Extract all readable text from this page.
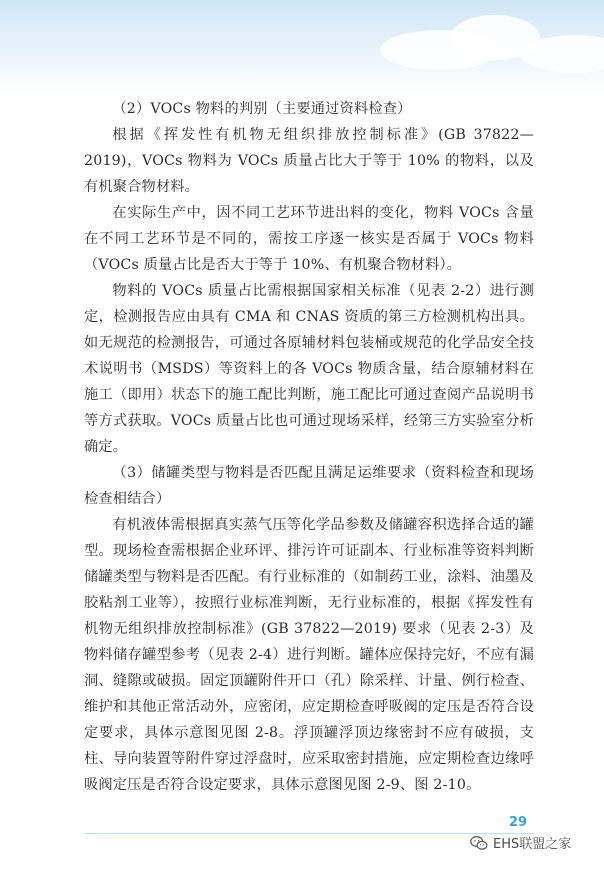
（2）VOCs 物料的判别（主要通过资料检查）

根据《挥发性有机物无组织排放控制标准》(GB 37822—2019)，VOCs 物料为 VOCs 质量占比大于等于 10% 的物料，以及有机聚合物材料。

在实际生产中，因不同工艺环节进出料的变化，物料 VOCs 含量在不同工艺环节是不同的，需按工序逐一核实是否属于 VOCs 物料（VOCs 质量占比是否大于等于 10%、有机聚合物材料）。

物料的 VOCs 质量占比需根据国家相关标准（见表 2-2）进行测定，检测报告应由具有 CMA 和 CNAS 资质的第三方检测机构出具。如无规范的检测报告，可通过各原辅材料包装桶或规范的化学品安全技术说明书（MSDS）等资料上的各 VOCs 物质含量，结合原辅材料在施工（即用）状态下的施工配比判断，施工配比可通过查阅产品说明书等方式获取。VOCs 质量占比也可通过现场采样，经第三方实验室分析确定。

（3）储罐类型与物料是否匹配且满足运维要求（资料检查和现场检查相结合）

有机液体需根据真实蒸气压等化学品参数及储罐容积选择合适的罐型。现场检查需根据企业环评、排污许可证副本、行业标准等资料判断储罐类型与物料是否匹配。有行业标准的（如制药工业，涂料、油墨及胶粘剂工业等），按照行业标准判断，无行业标准的，根据《挥发性有机物无组织排放控制标准》(GB 37822—2019) 要求（见表 2-3）及物料储存罐型参考（见表 2-4）进行判断。罐体应保持完好，不应有漏洞、缝隙或破损。固定顶罐附件开口（孔）除采样、计量、例行检查、维护和其他正常活动外，应密闭，应定期检查呼吸阀的定压是否符合设定要求，具体示意图见图 2-8。浮顶罐浮顶边缘密封不应有破损，支柱、导向装置等附件穿过浮盘时，应采取密封措施，应定期检查边缘呼吸阀定压是否符合设定要求，具体示意图见图 2-9、图 2-10。

29
EHS联盟之家
